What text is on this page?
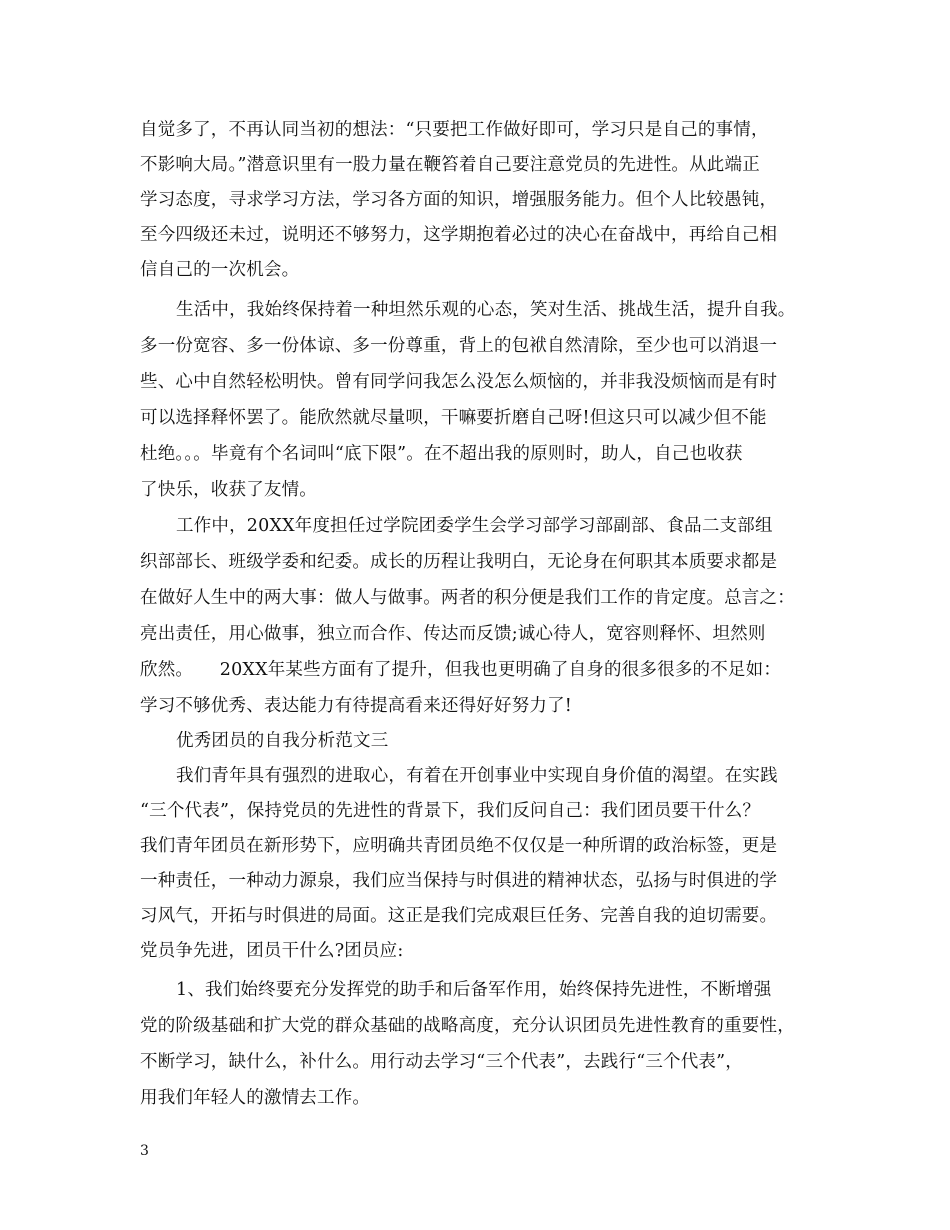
自觉多了，不再认同当初的想法：“只要把工作做好即可，学习只是自己的事情，
不影响大局。”潜意识里有一股力量在鞭笞着自己要注意党员的先进性。从此端正
学习态度，寻求学习方法，学习各方面的知识，增强服务能力。但个人比较愚钝，
至今四级还未过，说明还不够努力，这学期抱着必过的决心在奋战中，再给自己相
信自己的一次机会。
生活中，我始终保持着一种坦然乐观的心态，笑对生活、挑战生活，提升自我。
多一份宽容、多一份体谅、多一份尊重，背上的包袱自然清除，至少也可以消退一
些、心中自然轻松明快。曾有同学问我怎么没怎么烦恼的，并非我没烦恼而是有时
可以选择释怀罢了。能欣然就尽量呗，干嘛要折磨自己呀!但这只可以减少但不能
杜绝。。。毕竟有个名词叫“底下限”。在不超出我的原则时，助人，自己也收获
了快乐，收获了友情。
工作中，20XX年度担任过学院团委学生会学习部学习部副部、食品二支部组
织部部长、班级学委和纪委。成长的历程让我明白，无论身在何职其本质要求都是
在做好人生中的两大事：做人与做事。两者的积分便是我们工作的肯定度。总言之：
亮出责任，用心做事，独立而合作、传达而反馈;诚心待人，宽容则释怀、坦然则
欣然。　　20XX年某些方面有了提升，但我也更明确了自身的很多很多的不足如：
学习不够优秀、表达能力有待提高看来还得好好努力了!
优秀团员的自我分析范文三
我们青年具有强烈的进取心，有着在开创事业中实现自身价值的渴望。在实践
“三个代表”，保持党员的先进性的背景下，我们反问自己：我们团员要干什么？
我们青年团员在新形势下，应明确共青团员绝不仅仅是一种所谓的政治标签，更是
一种责任，一种动力源泉，我们应当保持与时俱进的精神状态，弘扬与时俱进的学
习风气，开拓与时俱进的局面。这正是我们完成艰巨任务、完善自我的迫切需要。
党员争先进，团员干什么?团员应:
1、我们始终要充分发挥党的助手和后备军作用，始终保持先进性，不断增强
党的阶级基础和扩大党的群众基础的战略高度，充分认识团员先进性教育的重要性，
不断学习，缺什么，补什么。用行动去学习“三个代表”，去践行“三个代表”，
用我们年轻人的激情去工作。
3
